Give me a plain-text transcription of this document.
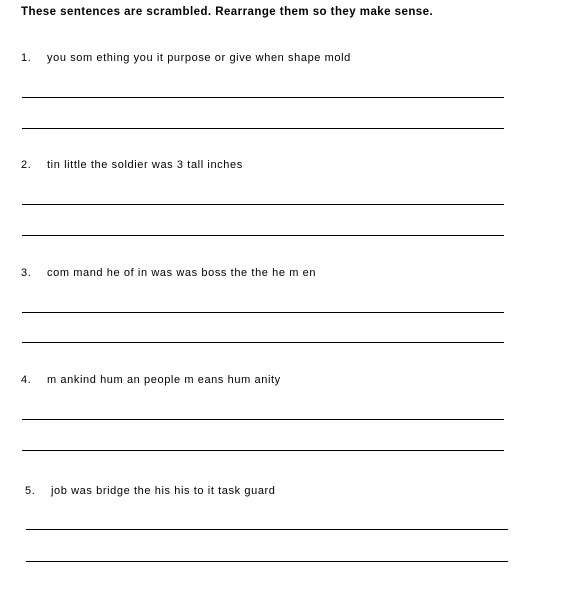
These sentences are scrambled. Rearrange them so they make sense.
1. you som ething you it purpose or give when shape mold
2. tin little the soldier was 3 tall inches
3. com mand he of in was was boss the the he m en
4. m ankind hum an people m eans hum anity
5. job was bridge the his his to it task guard
